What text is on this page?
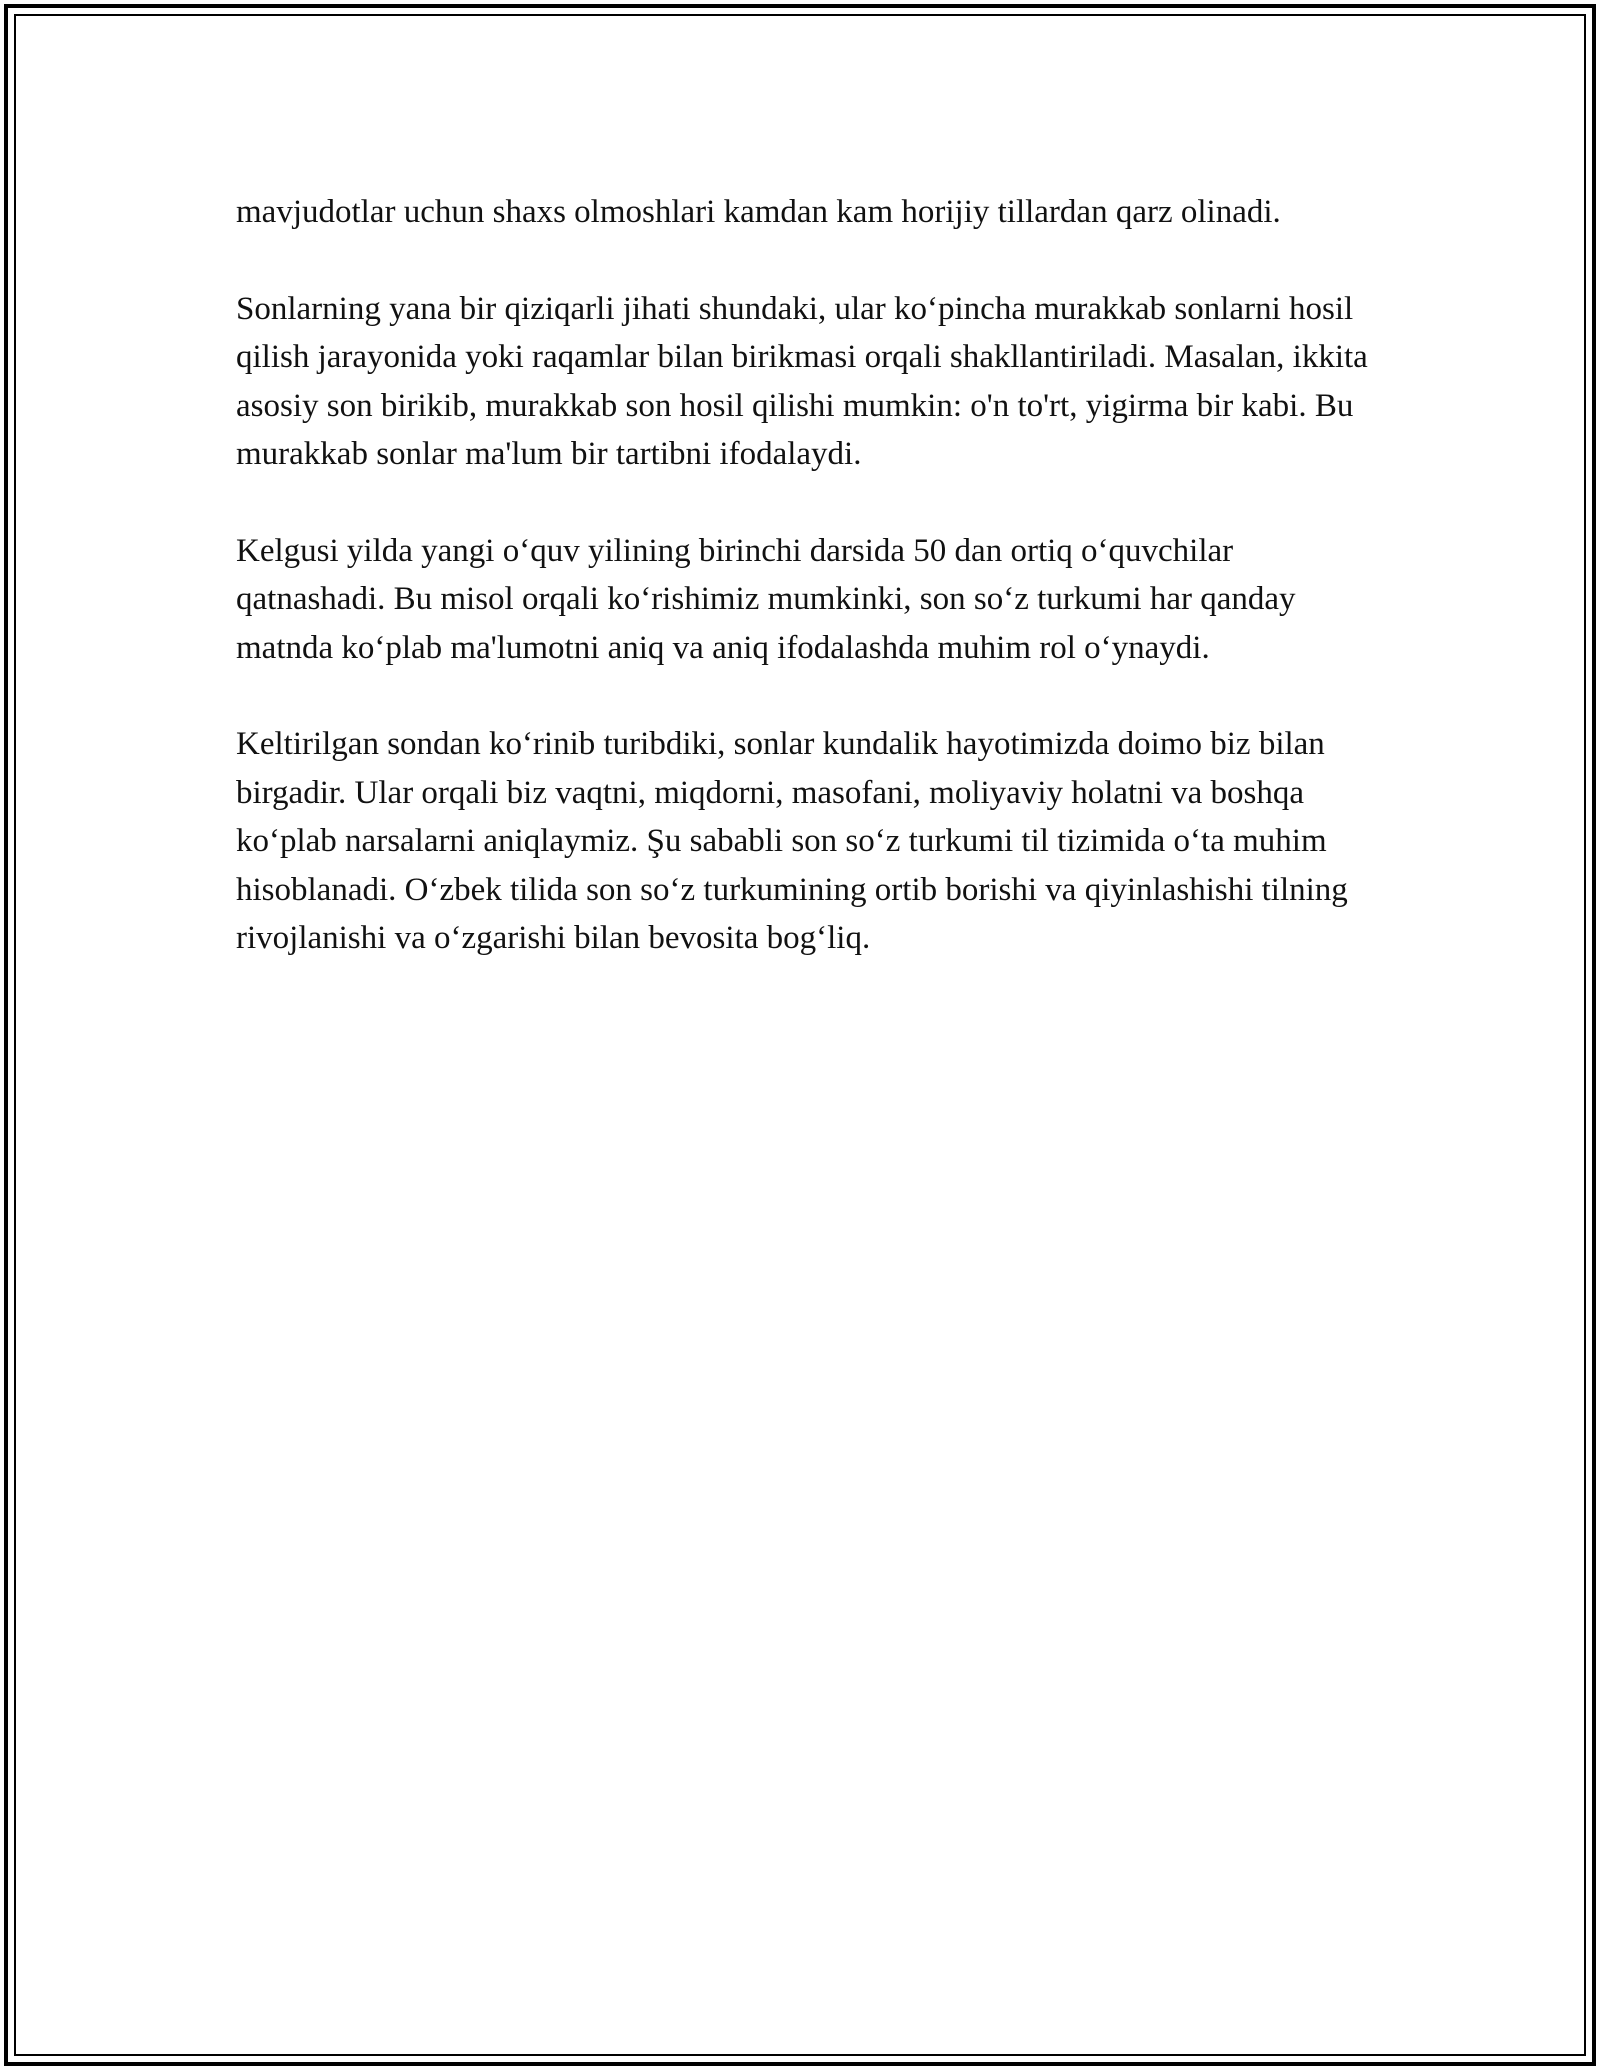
mavjudotlar uchun shaxs olmoshlari kamdan kam horijiy tillardan qarz olinadi.

Sonlarning yana bir qiziqarli jihati shundaki, ular ko‘pincha murakkab sonlarni hosil qilish jarayonida yoki raqamlar bilan birikmasi orqali shakllantiriladi. Masalan, ikkita asosiy son birikib, murakkab son hosil qilishi mumkin: o'n to'rt, yigirma bir kabi. Bu murakkab sonlar ma'lum bir tartibni ifodalaydi.

Kelgusi yilda yangi o‘quv yilining birinchi darsida 50 dan ortiq o‘quvchilar qatnashadi. Bu misol orqali ko‘rishimiz mumkinki, son so‘z turkumi har qanday matnda ko‘plab ma'lumotni aniq va aniq ifodalashda muhim rol o‘ynaydi.

Keltirilgan sondan ko‘rinib turibdiki, sonlar kundalik hayotimizda doimo biz bilan birgadir. Ular orqali biz vaqtni, miqdorni, masofani, moliyaviy holatni va boshqa ko‘plab narsalarni aniqlaymiz. Şu sababli son so‘z turkumi til tizimida o‘ta muhim hisoblanadi. O‘zbek tilida son so‘z turkumining ortib borishi va qiyinlashishi tilning rivojlanishi va o‘zgarishi bilan bevosita bog‘liq.
